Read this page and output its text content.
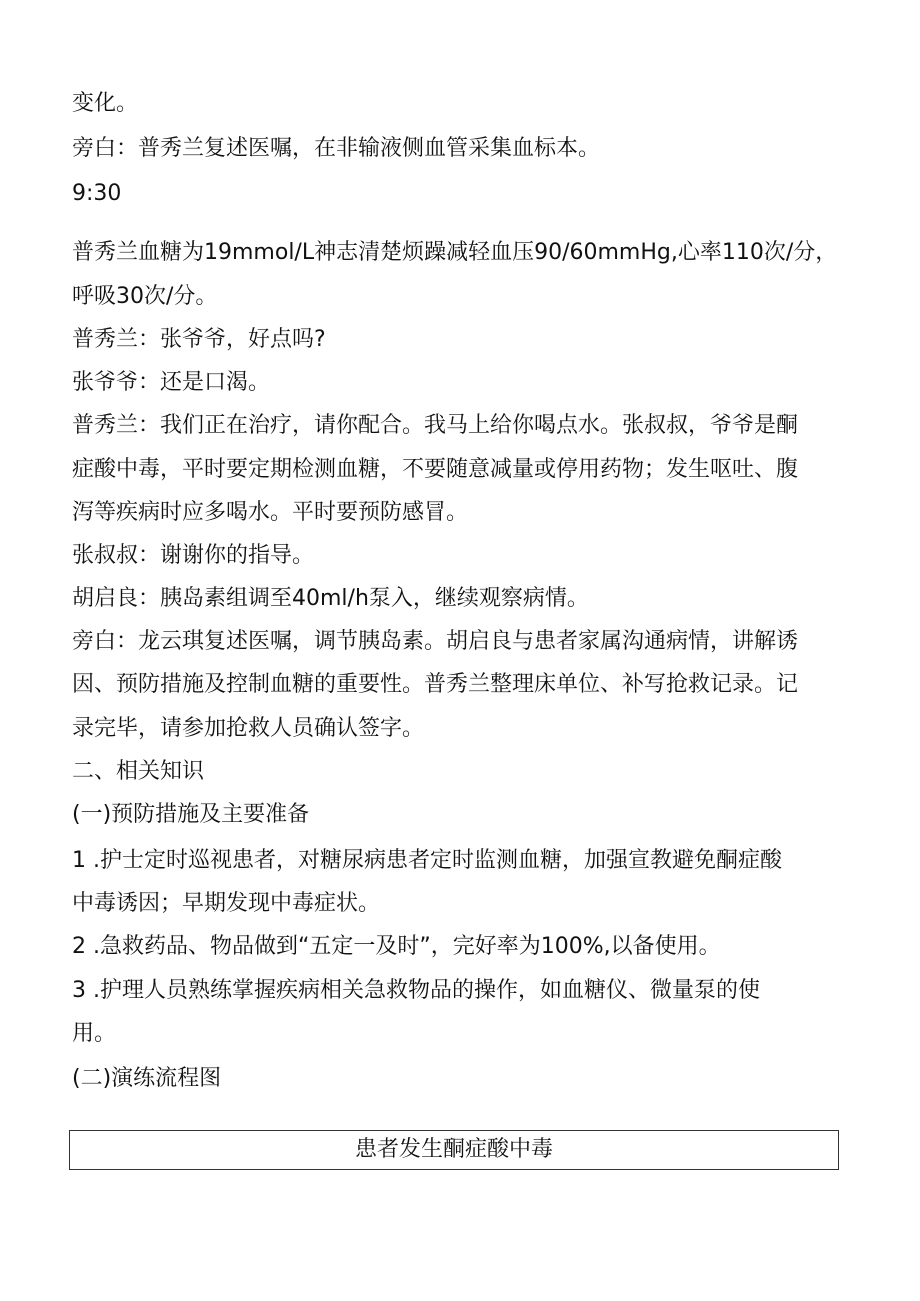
变化。
旁白：普秀兰复述医嘱，在非输液侧血管采集血标本。
9:30
普秀兰血糖为19mmol/L神志清楚烦躁减轻血压90/60mmHg,心率110次/分，
呼吸30次/分。
普秀兰：张爷爷，好点吗?
张爷爷：还是口渴。
普秀兰：我们正在治疗，请你配合。我马上给你喝点水。张叔叔，爷爷是酮
症酸中毒，平时要定期检测血糖，不要随意减量或停用药物；发生呕吐、腹
泻等疾病时应多喝水。平时要预防感冒。
张叔叔：谢谢你的指导。
胡启良：胰岛素组调至40ml/h泵入，继续观察病情。
旁白：龙云琪复述医嘱，调节胰岛素。胡启良与患者家属沟通病情，讲解诱
因、预防措施及控制血糖的重要性。普秀兰整理床单位、补写抢救记录。记
录完毕，请参加抢救人员确认签字。
二、相关知识
(一)预防措施及主要准备
1 .护士定时巡视患者，对糖尿病患者定时监测血糖，加强宣教避免酮症酸
中毒诱因；早期发现中毒症状。
2 .急救药品、物品做到“五定一及时”，完好率为100%,以备使用。
3 .护理人员熟练掌握疾病相关急救物品的操作，如血糖仪、微量泵的使
用。
(二)演练流程图
患者发生酮症酸中毒
